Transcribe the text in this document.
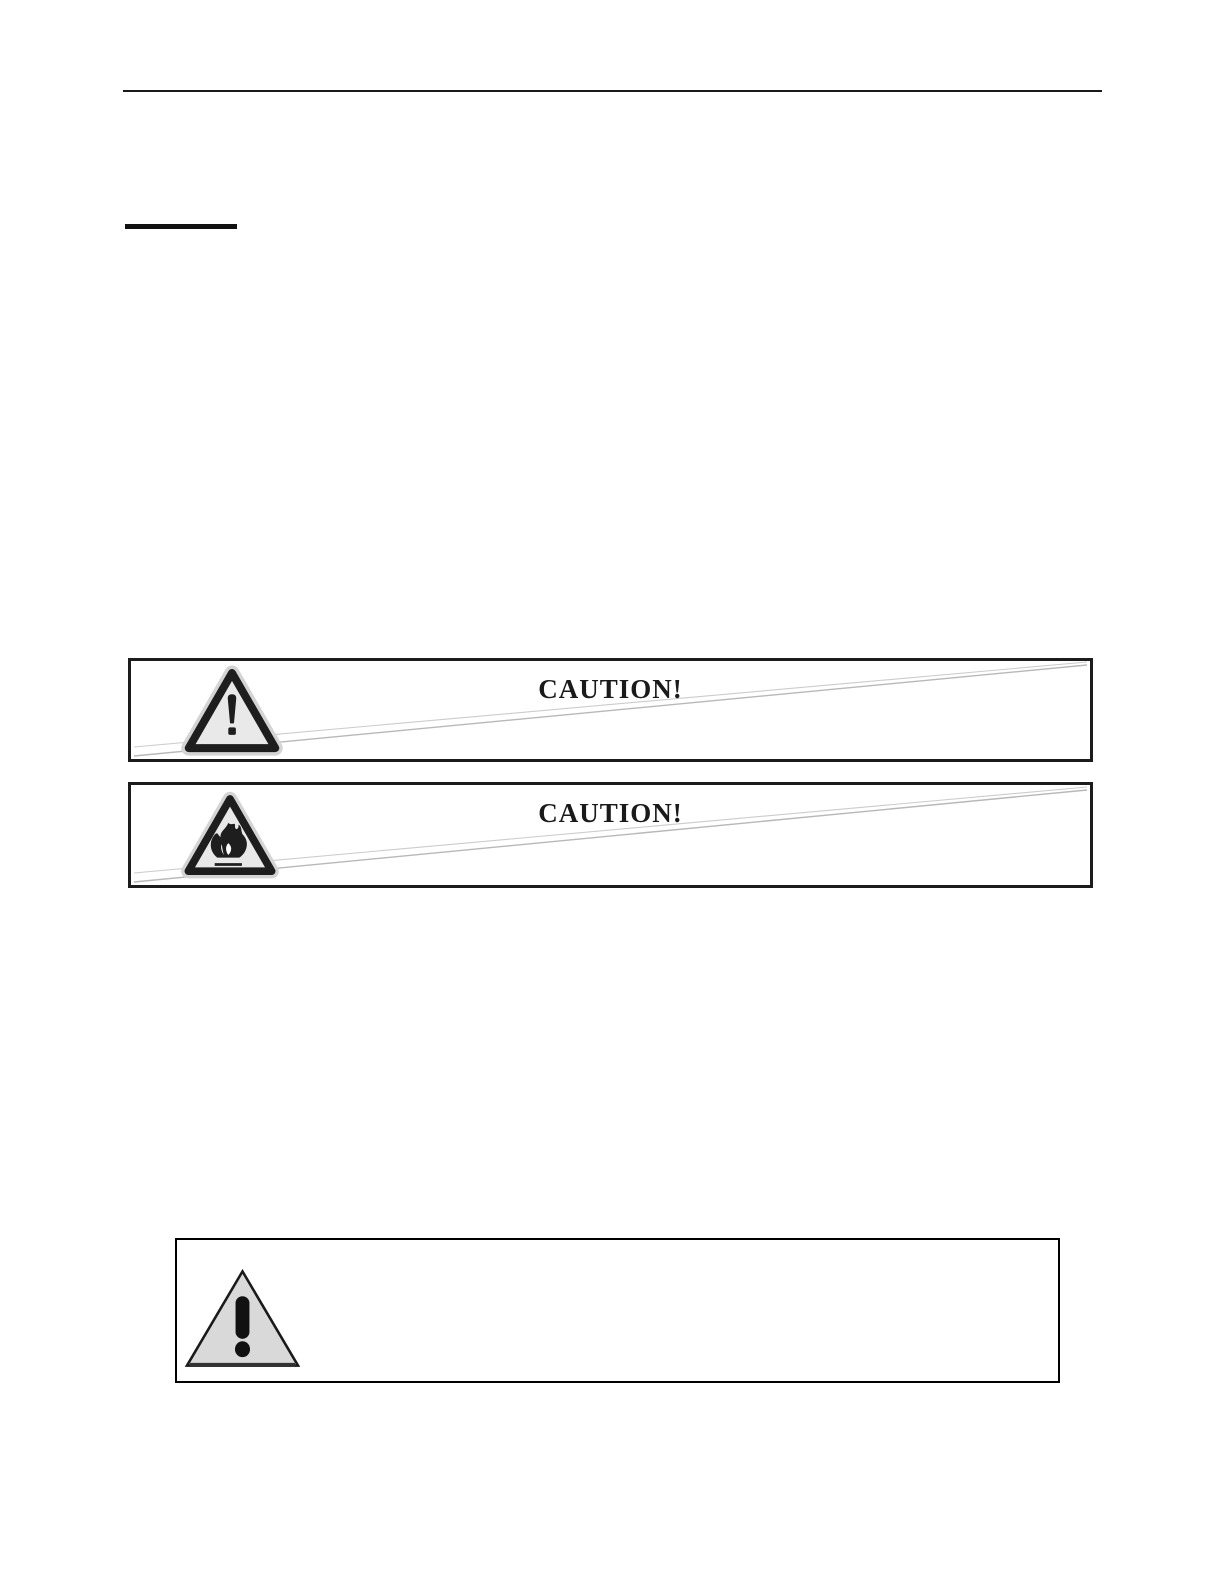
CAUTION!
CAUTION!
